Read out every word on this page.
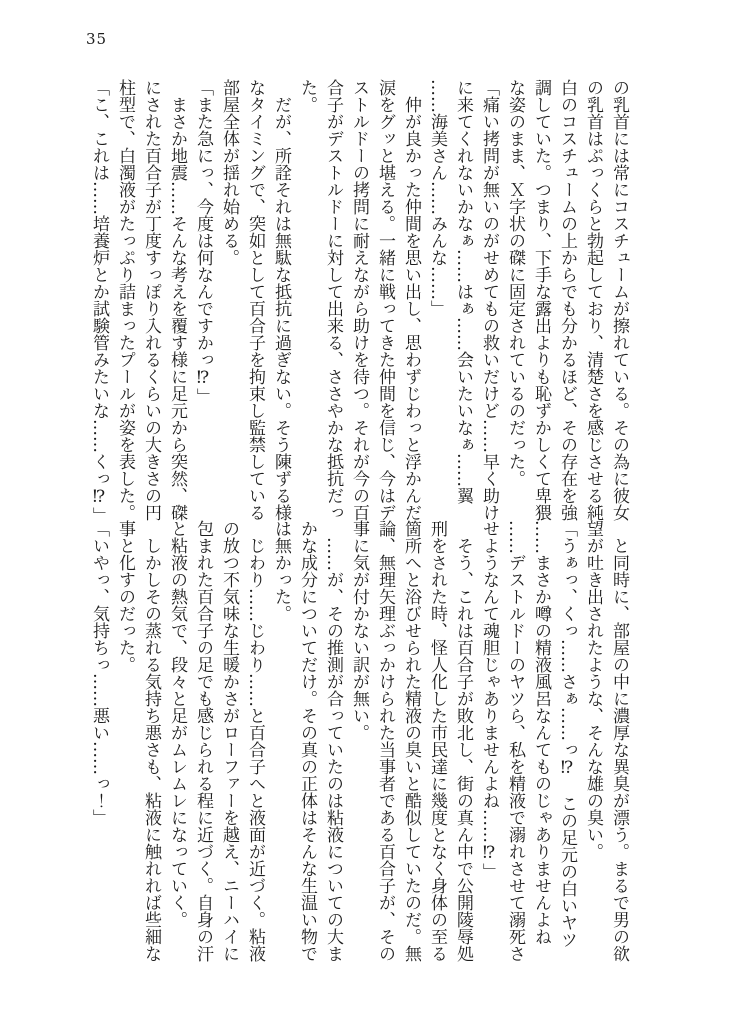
35

の乳首には常にコスチュームが擦れている。その為に彼女

の乳首はぷっくらと勃起しており、清楚さを感じさせる純

白のコスチュームの上からでも分かるほど、その存在を強

調していた。つまり、下手な露出よりも恥ずかしくて卑猥

な姿のまま、Ｘ字状の磔に固定されているのだった。

「痛い拷問が無いのがせめてもの救いだけど……早く助け

に来てくれないかなぁ……はぁ……会いたいなぁ……翼

……海美さん……みんな……」

　仲が良かった仲間を思い出し、思わずじわっと浮かんだ

涙をグッと堪える。一緒に戦ってきた仲間を信じ、今はデ

ストルドーの拷問に耐えながら助けを待つ。それが今の百

合子がデストルドーに対して出来る、ささやかな抵抗だっ

た。

　だが、所詮それは無駄な抵抗に過ぎない。そう陳ずる様

なタイミングで、突如として百合子を拘束し監禁している

部屋全体が揺れ始める。

「また急にっ、今度は何なんですかっ⁉」

　まさか地震……そんな考えを覆す様に足元から突然、磔

にされた百合子が丁度すっぽり入れるくらいの大きさの円

柱型で、白濁液がたっぷり詰まったプールが姿を表した。

「こ、これは……培養炉とか試験管みたいな……くっ⁉」

　と同時に、部屋の中に濃厚な異臭が漂う。まるで男の欲

望が吐き出されたような、そんな雄の臭い。

「うぁっ、くっ……さぁ……っ⁉　この足元の白いヤツ

……まさか噂の精液風呂なんてものじゃありませんよね

……デストルドーのヤツら、私を精液で溺れさせて溺死さ

せようなんて魂胆じゃありませんよね……⁉」

　そう、これは百合子が敗北し、街の真ん中で公開陵辱処

刑をされた時、怪人化した市民達に幾度となく身体の至る

箇所へと浴びせられた精液の臭いと酷似していたのだ。無

論、無理矢理ぶっかけられた当事者である百合子が、その

事に気が付かない訳が無い。

　……が、その推測が合っていたのは粘液についての大ま

かな成分についてだけ。その真の正体はそんな生温い物で

は無かった。

　じわり……じわり……と百合子へと液面が近づく。粘液

の放つ不気味な生暖かさがローファーを越え、ニーハイに

包まれた百合子の足でも感じられる程に近づく。自身の汗

と粘液の熱気で、段々と足がムレムレになっていく。

　しかしその蒸れる気持ち悪さも、粘液に触れれば些細な

事と化すのだった。

「いやっ、気持ちっ……悪い……っ！」
